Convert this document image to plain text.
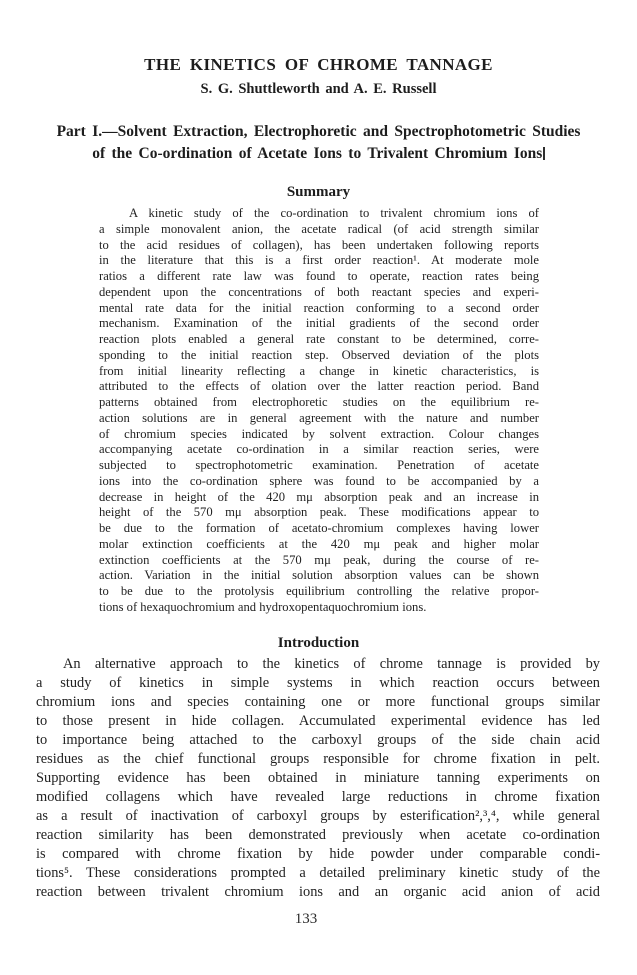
THE KINETICS OF CHROME TANNAGE
S. G. Shuttleworth and A. E. Russell
Part I.—Solvent Extraction, Electrophoretic and Spectrophotometric Studies
of the Co-ordination of Acetate Ions to Trivalent Chromium Ions
Summary
A kinetic study of the co-ordination to trivalent chromium ions of
a simple monovalent anion, the acetate radical (of acid strength similar
to the acid residues of collagen), has been undertaken following reports
in the literature that this is a first order reaction¹. At moderate mole
ratios a different rate law was found to operate, reaction rates being
dependent upon the concentrations of both reactant species and experi-
mental rate data for the initial reaction conforming to a second order
mechanism. Examination of the initial gradients of the second order
reaction plots enabled a general rate constant to be determined, corre-
sponding to the initial reaction step. Observed deviation of the plots
from initial linearity reflecting a change in kinetic characteristics, is
attributed to the effects of olation over the latter reaction period. Band
patterns obtained from electrophoretic studies on the equilibrium re-
action solutions are in general agreement with the nature and number
of chromium species indicated by solvent extraction. Colour changes
accompanying acetate co-ordination in a similar reaction series, were
subjected to spectrophotometric examination. Penetration of acetate
ions into the co-ordination sphere was found to be accompanied by a
decrease in height of the 420 mμ absorption peak and an increase in
height of the 570 mμ absorption peak. These modifications appear to
be due to the formation of acetato-chromium complexes having lower
molar extinction coefficients at the 420 mμ peak and higher molar
extinction coefficients at the 570 mμ peak, during the course of re-
action. Variation in the initial solution absorption values can be shown
to be due to the protolysis equilibrium controlling the relative propor-
tions of hexaquochromium and hydroxopentaquochromium ions.
Introduction
An alternative approach to the kinetics of chrome tannage is provided by
a study of kinetics in simple systems in which reaction occurs between
chromium ions and species containing one or more functional groups similar
to those present in hide collagen. Accumulated experimental evidence has led
to importance being attached to the carboxyl groups of the side chain acid
residues as the chief functional groups responsible for chrome fixation in pelt.
Supporting evidence has been obtained in miniature tanning experiments on
modified collagens which have revealed large reductions in chrome fixation
as a result of inactivation of carboxyl groups by esterification²,³,⁴, while general
reaction similarity has been demonstrated previously when acetate co-ordination
is compared with chrome fixation by hide powder under comparable condi-
tions⁵. These considerations prompted a detailed preliminary kinetic study of the
reaction between trivalent chromium ions and an organic acid anion of acid
133
